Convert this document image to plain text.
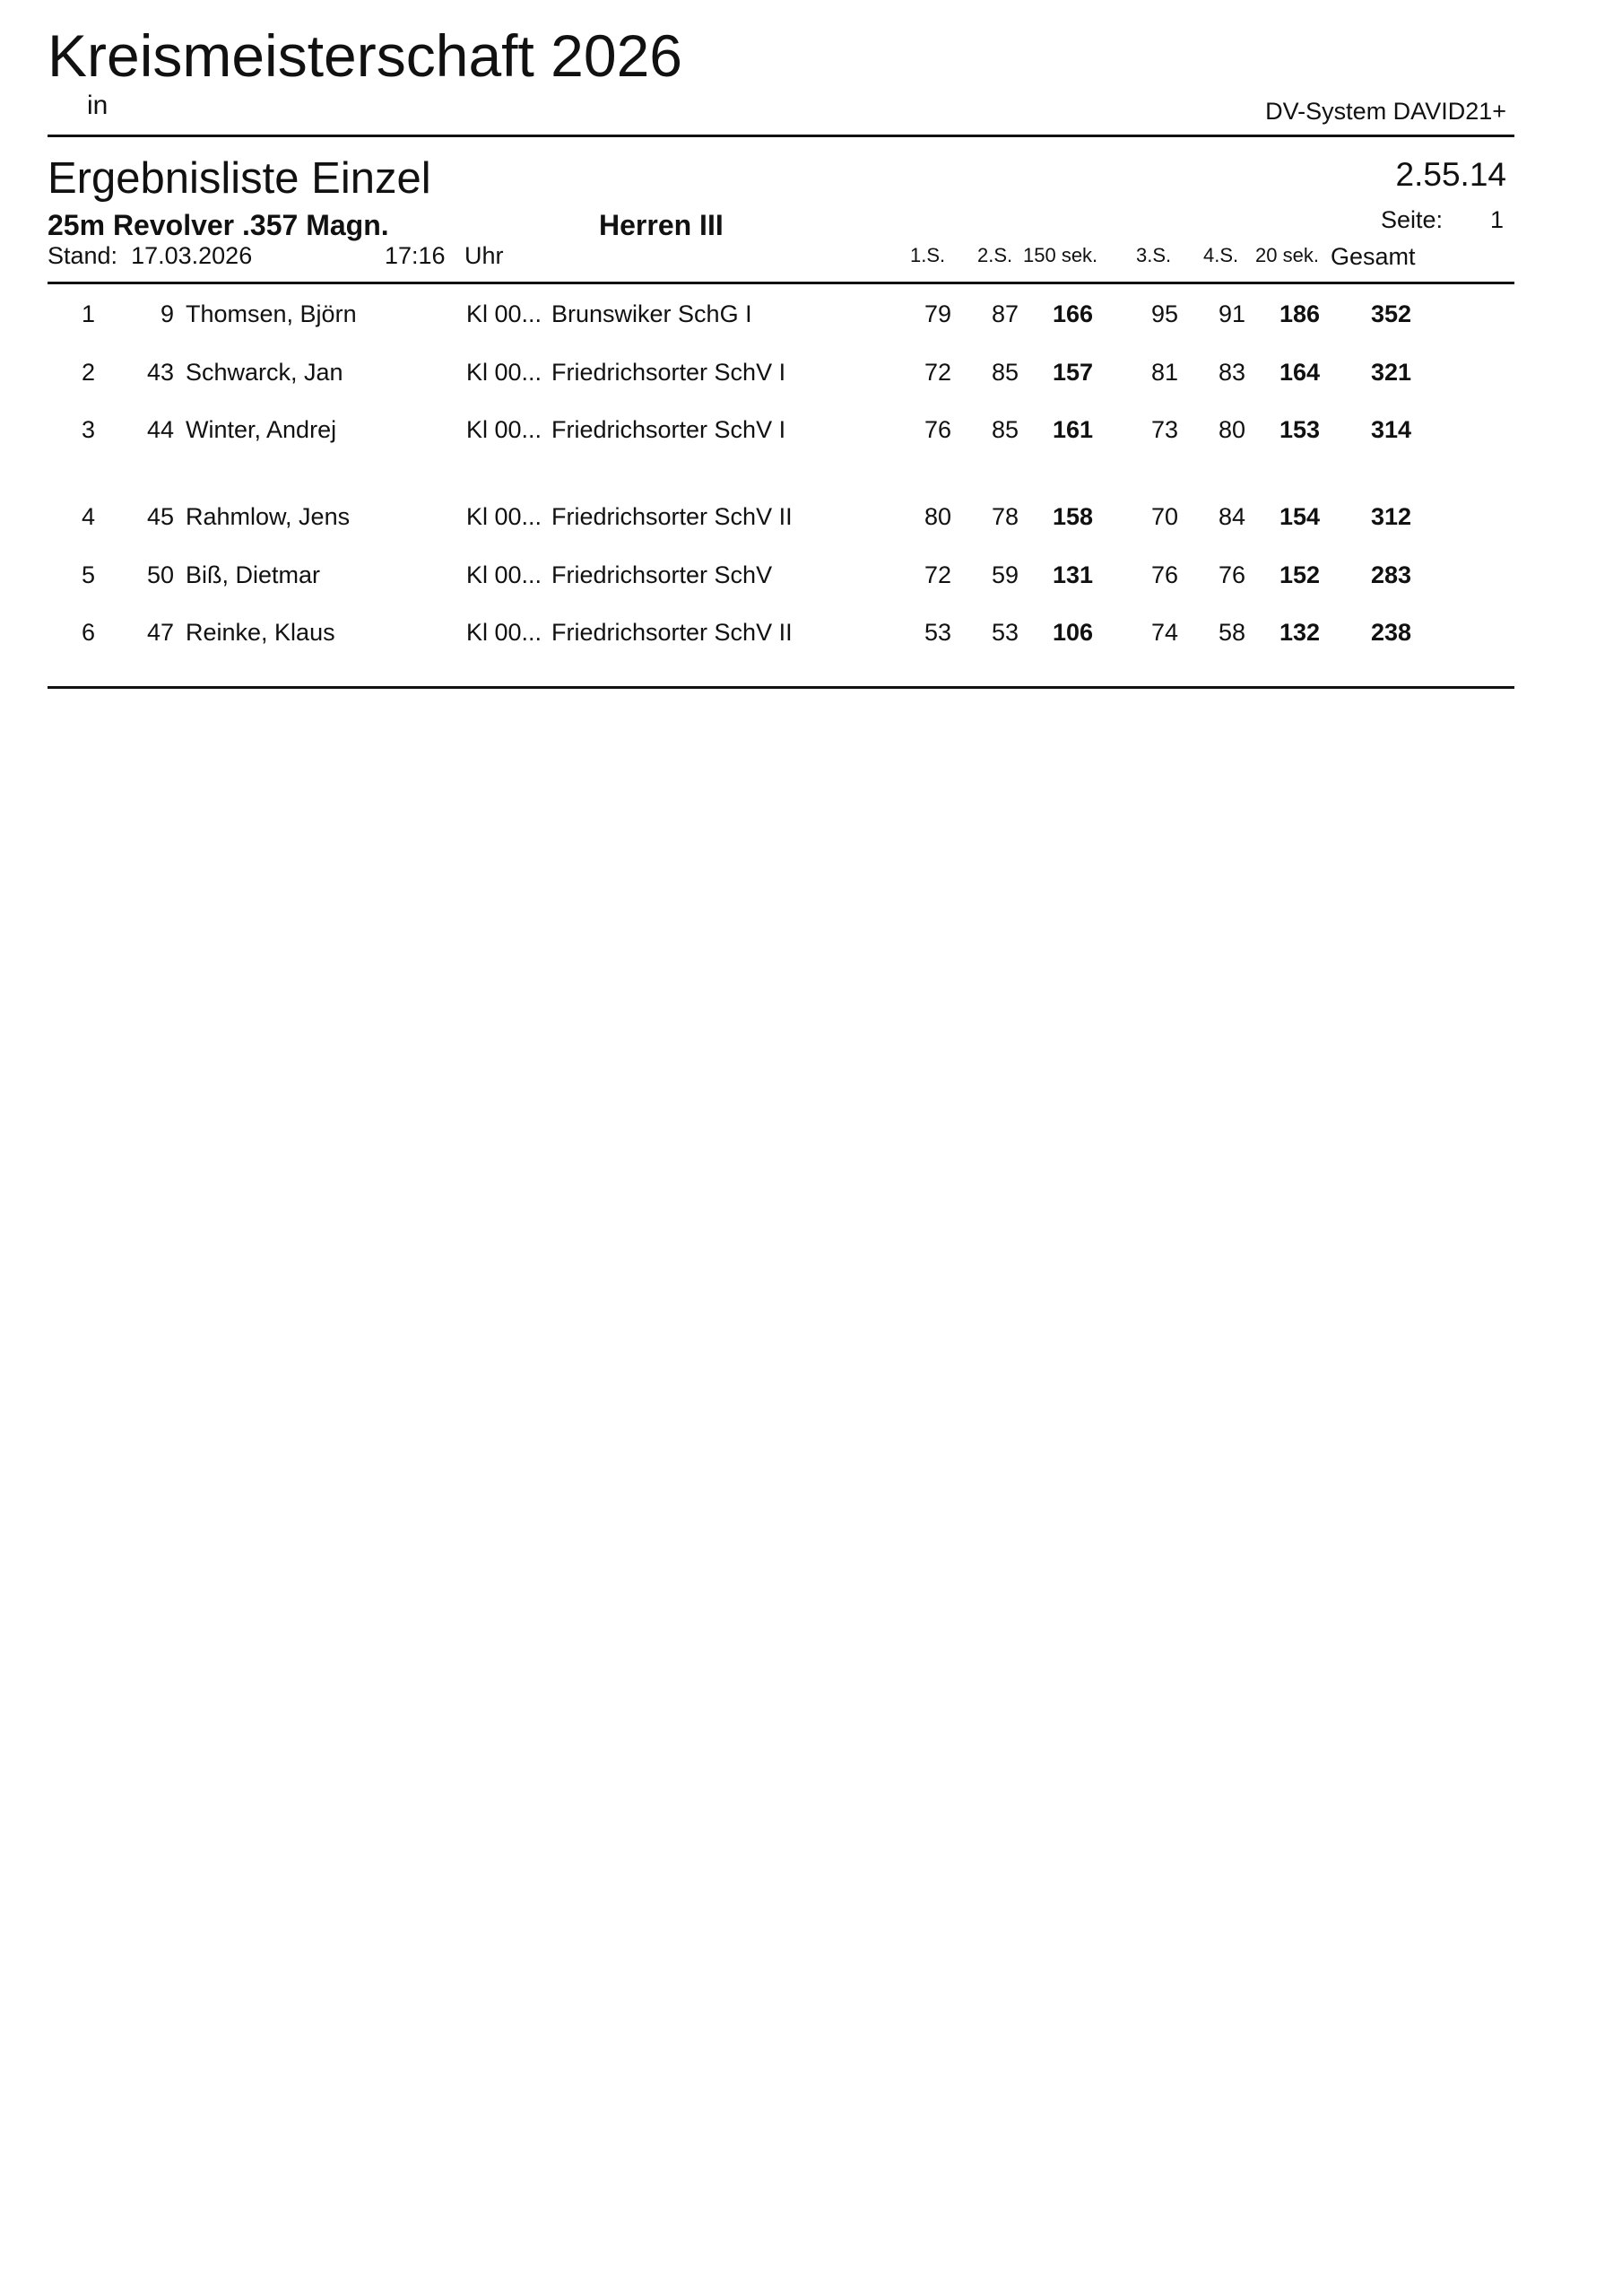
Kreismeisterschaft 2026
in	DV-System DAVID21+
Ergebnisliste Einzel	2.55.14
25m Revolver .357 Magn.	Herren III	Seite: 1
Stand: 17.03.2026	17:16 Uhr	1.S. 2.S. 150 sek. 3.S. 4.S. 20 sek. Gesamt
1	9 Thomsen, Björn	Kl 00... Brunswiker SchG I	79 87 166 95 91 186 352
2 43 Schwarck, Jan	Kl 00... Friedrichsorter SchV I	72 85 157 81 83 164 321
3 44 Winter, Andrej	Kl 00... Friedrichsorter SchV I	76 85 161 73 80 153 314
4 45 Rahmlow, Jens	Kl 00... Friedrichsorter SchV II	80 78 158 70 84 154 312
5 50 Biß, Dietmar	Kl 00... Friedrichsorter SchV	72 59 131 76 76 152 283
6 47 Reinke, Klaus	Kl 00... Friedrichsorter SchV II	53 53 106 74 58 132 238
